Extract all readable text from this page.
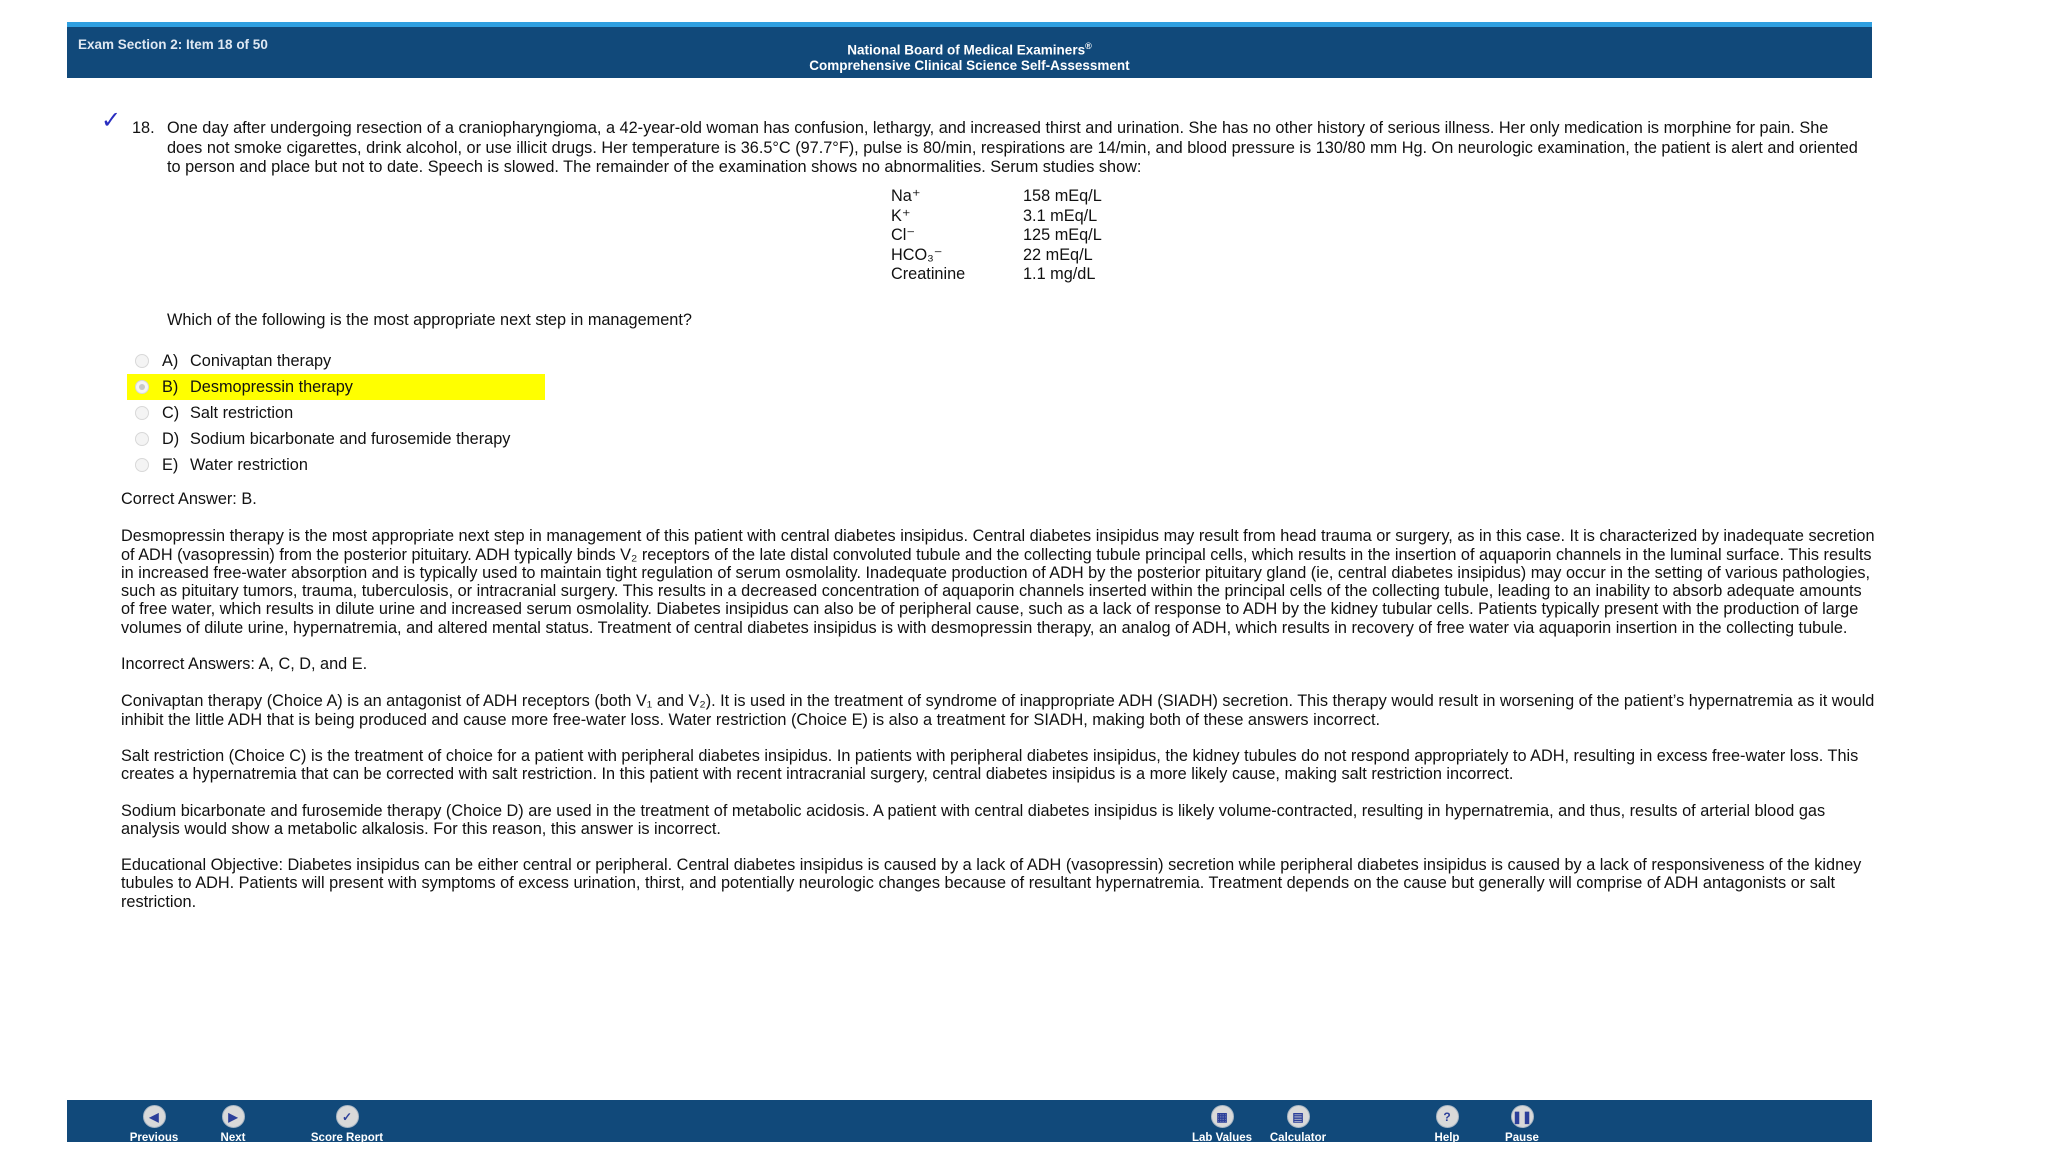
Exam Section 2: Item 18 of 50	National Board of Medical Examiners®
Comprehensive Clinical Science Self-Assessment
✓ 18. One day after undergoing resection of a craniopharyngioma, a 42-year-old woman has confusion, lethargy, and increased thirst and urination. She has no other history of serious illness. Her only medication is morphine for pain. She does not smoke cigarettes, drink alcohol, or use illicit drugs. Her temperature is 36.5°C (97.7°F), pulse is 80/min, respirations are 14/min, and blood pressure is 130/80 mm Hg. On neurologic examination, the patient is alert and oriented to person and place but not to date. Speech is slowed. The remainder of the examination shows no abnormalities. Serum studies show:
Na⁺	158 mEq/L
K⁺	3.1 mEq/L
Cl⁻	125 mEq/L
HCO₃⁻	22 mEq/L
Creatinine	1.1 mg/dL
Which of the following is the most appropriate next step in management?
A) Conivaptan therapy
B) Desmopressin therapy
C) Salt restriction
D) Sodium bicarbonate and furosemide therapy
E) Water restriction

Correct Answer: B.

Desmopressin therapy is the most appropriate next step in management of this patient with central diabetes insipidus. Central diabetes insipidus may result from head trauma or surgery, as in this case. It is characterized by inadequate secretion of ADH (vasopressin) from the posterior pituitary. ADH typically binds V₂ receptors of the late distal convoluted tubule and the collecting tubule principal cells, which results in the insertion of aquaporin channels in the luminal surface. This results in increased free-water absorption and is typically used to maintain tight regulation of serum osmolality. Inadequate production of ADH by the posterior pituitary gland (ie, central diabetes insipidus) may occur in the setting of various pathologies, such as pituitary tumors, trauma, tuberculosis, or intracranial surgery. This results in a decreased concentration of aquaporin channels inserted within the principal cells of the collecting tubule, leading to an inability to absorb adequate amounts of free water, which results in dilute urine and increased serum osmolality. Diabetes insipidus can also be of peripheral cause, such as a lack of response to ADH by the kidney tubular cells. Patients typically present with the production of large volumes of dilute urine, hypernatremia, and altered mental status. Treatment of central diabetes insipidus is with desmopressin therapy, an analog of ADH, which results in recovery of free water via aquaporin insertion in the collecting tubule.

Incorrect Answers: A, C, D, and E.

Conivaptan therapy (Choice A) is an antagonist of ADH receptors (both V₁ and V₂). It is used in the treatment of syndrome of inappropriate ADH (SIADH) secretion. This therapy would result in worsening of the patient’s hypernatremia as it would inhibit the little ADH that is being produced and cause more free-water loss. Water restriction (Choice E) is also a treatment for SIADH, making both of these answers incorrect.

Salt restriction (Choice C) is the treatment of choice for a patient with peripheral diabetes insipidus. In patients with peripheral diabetes insipidus, the kidney tubules do not respond appropriately to ADH, resulting in excess free-water loss. This creates a hypernatremia that can be corrected with salt restriction. In this patient with recent intracranial surgery, central diabetes insipidus is a more likely cause, making salt restriction incorrect.

Sodium bicarbonate and furosemide therapy (Choice D) are used in the treatment of metabolic acidosis. A patient with central diabetes insipidus is likely volume-contracted, resulting in hypernatremia, and thus, results of arterial blood gas analysis would show a metabolic alkalosis. For this reason, this answer is incorrect.

Educational Objective: Diabetes insipidus can be either central or peripheral. Central diabetes insipidus is caused by a lack of ADH (vasopressin) secretion while peripheral diabetes insipidus is caused by a lack of responsiveness of the kidney tubules to ADH. Patients will present with symptoms of excess urination, thirst, and potentially neurologic changes because of resultant hypernatremia. Treatment depends on the cause but generally will comprise of ADH antagonists or salt restriction.

◀
Previous
▶
Next
✓
Score Report
▦
Lab Values
▤
Calculator
?
Help
❚❚
Pause
